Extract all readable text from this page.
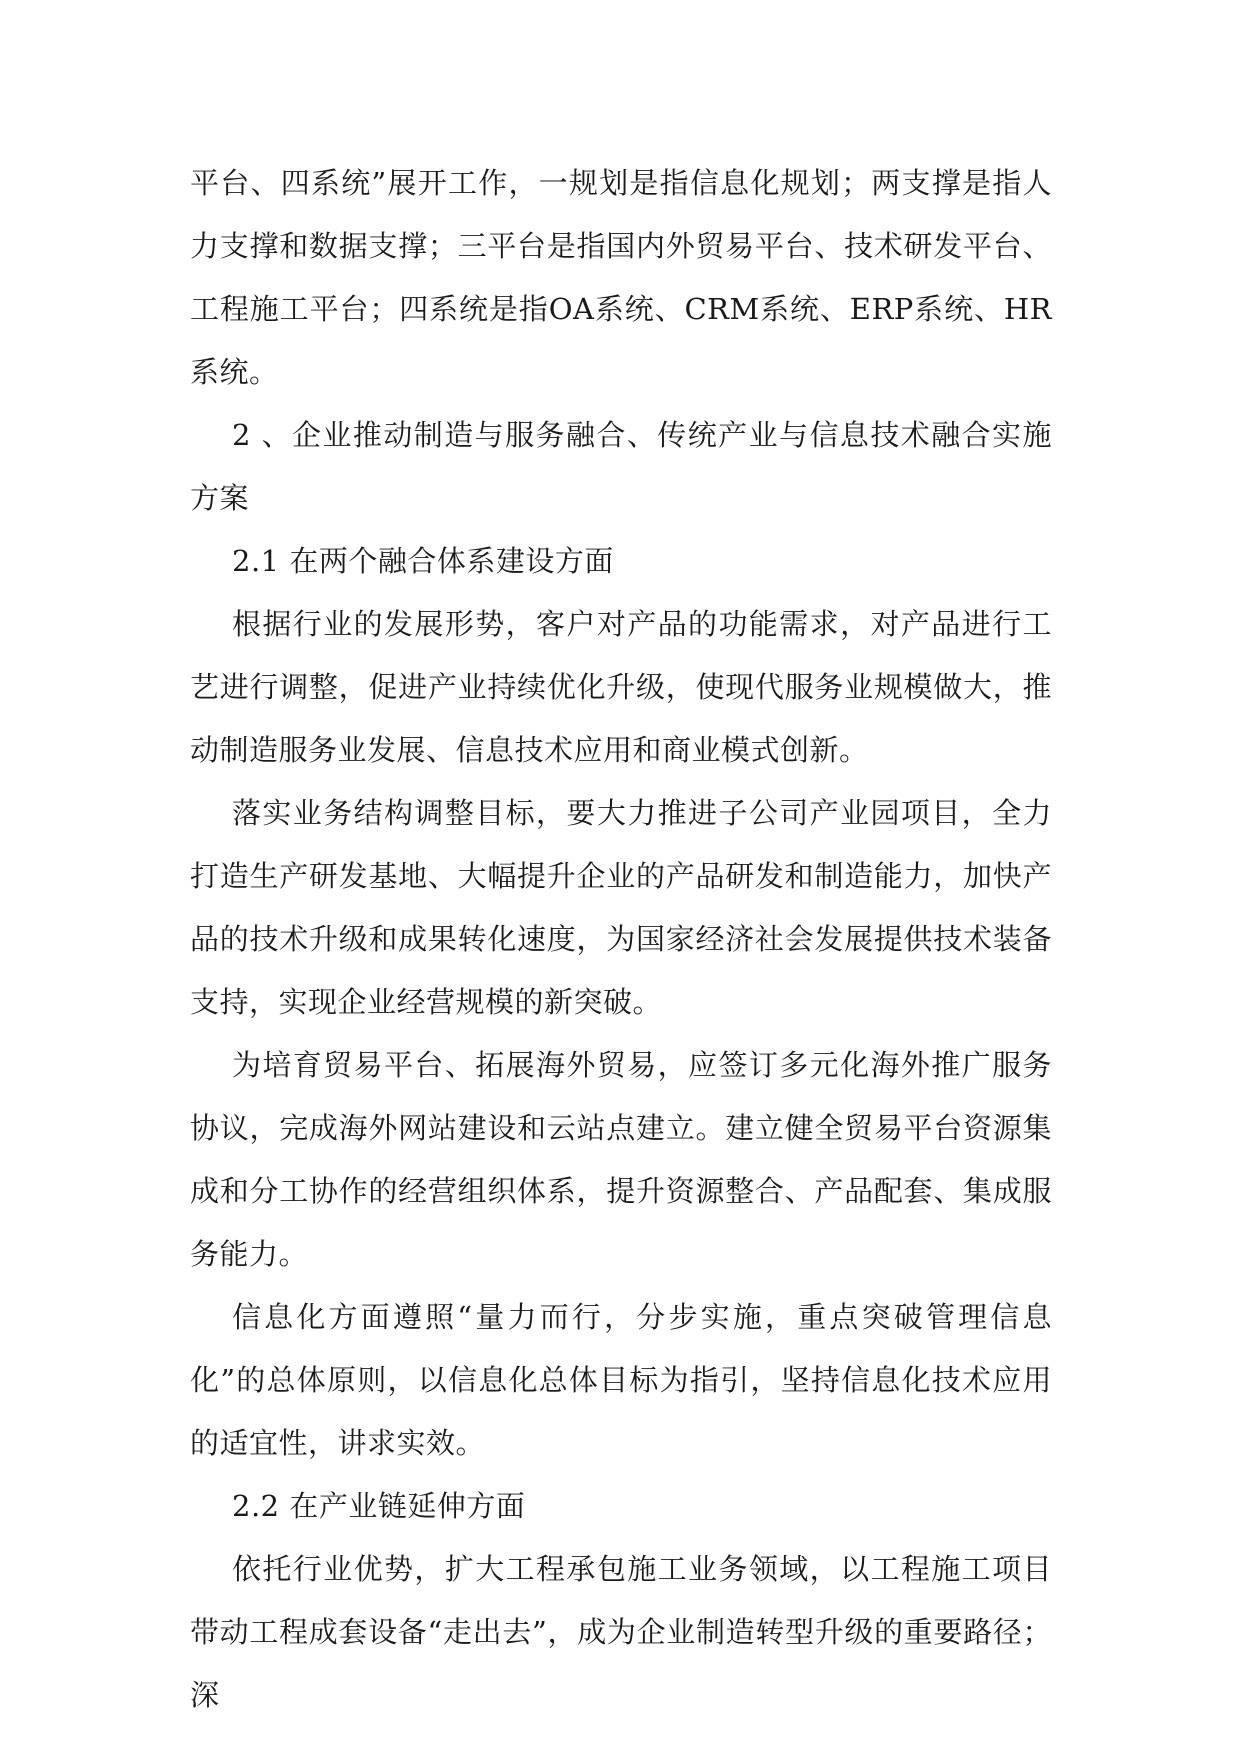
平台、四系统”展开工作，一规划是指信息化规划；两支撑是指人力支撑和数据支撑；三平台是指国内外贸易平台、技术研发平台、工程施工平台；四系统是指OA系统、CRM系统、ERP系统、HR系统。

2 、企业推动制造与服务融合、传统产业与信息技术融合实施方案

2.1 在两个融合体系建设方面

根据行业的发展形势，客户对产品的功能需求，对产品进行工艺进行调整，促进产业持续优化升级，使现代服务业规模做大，推动制造服务业发展、信息技术应用和商业模式创新。

落实业务结构调整目标，要大力推进子公司产业园项目，全力打造生产研发基地、大幅提升企业的产品研发和制造能力，加快产品的技术升级和成果转化速度，为国家经济社会发展提供技术装备支持，实现企业经营规模的新突破。

为培育贸易平台、拓展海外贸易，应签订多元化海外推广服务协议，完成海外网站建设和云站点建立。建立健全贸易平台资源集成和分工协作的经营组织体系，提升资源整合、产品配套、集成服务能力。

信息化方面遵照“量力而行，分步实施，重点突破管理信息化”的总体原则，以信息化总体目标为指引，坚持信息化技术应用的适宜性，讲求实效。

2.2 在产业链延伸方面

依托行业优势，扩大工程承包施工业务领域，以工程施工项目带动工程成套设备“走出去”，成为企业制造转型升级的重要路径；深
